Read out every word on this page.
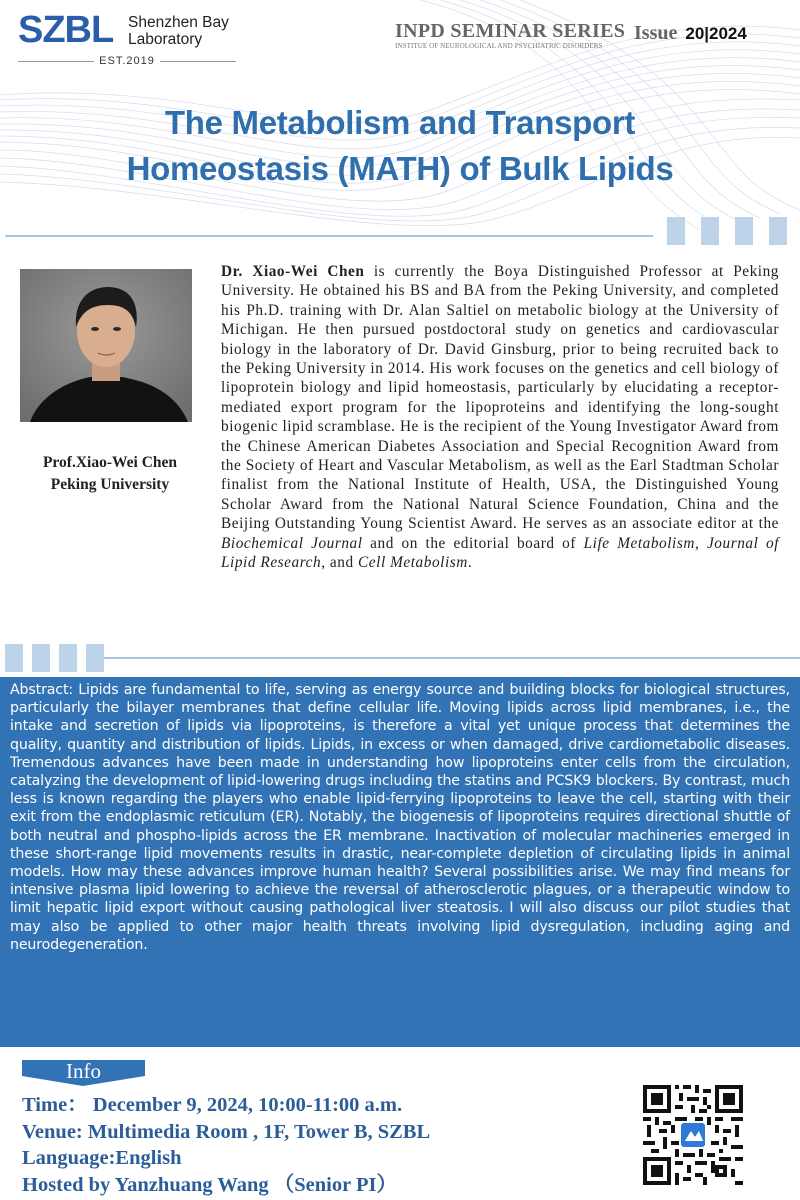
SZBL Shenzhen Bay
Laboratory
EST.2019
INPD SEMINAR SERIES
INSTITUE OF NEUROLOGICAL AND PSYCHIATRIC DISORDERS
Issue 20|2024
The Metabolism and Transport
Homeostasis (MATH) of Bulk Lipids
Prof.Xiao-Wei Chen
Peking University
Dr. Xiao-Wei Chen is currently the Boya Distinguished Professor at Peking University. He obtained his BS and BA from the Peking University, and completed his Ph.D. training with Dr. Alan Saltiel on metabolic biology at the University of Michigan. He then pursued postdoctoral study on genetics and cardiovascular biology in the laboratory of Dr. David Ginsburg, prior to being recruited back to the Peking University in 2014. His work focuses on the genetics and cell biology of lipoprotein biology and lipid homeostasis, particularly by elucidating a receptor-mediated export program for the lipoproteins and identifying the long-sought biogenic lipid scramblase. He is the recipient of the Young Investigator Award from the Chinese American Diabetes Association and Special Recognition Award from the Society of Heart and Vascular Metabolism, as well as the Earl Stadtman Scholar finalist from the National Institute of Health, USA, the Distinguished Young Scholar Award from the National Natural Science Foundation, China and the Beijing Outstanding Young Scientist Award. He serves as an associate editor at the Biochemical Journal and on the editorial board of Life Metabolism, Journal of Lipid Research, and Cell Metabolism.
Abstract: Lipids are fundamental to life, serving as energy source and building blocks for biological structures, particularly the bilayer membranes that define cellular life. Moving lipids across lipid membranes, i.e., the intake and secretion of lipids via lipoproteins, is therefore a vital yet unique process that determines the quality, quantity and distribution of lipids. Lipids, in excess or when damaged, drive cardiometabolic diseases. Tremendous advances have been made in understanding how lipoproteins enter cells from the circulation, catalyzing the development of lipid-lowering drugs including the statins and PCSK9 blockers. By contrast, much less is known regarding the players who enable lipid-ferrying lipoproteins to leave the cell, starting with their exit from the endoplasmic reticulum (ER). Notably, the biogenesis of lipoproteins requires directional shuttle of both neutral and phospho-lipids across the ER membrane. Inactivation of molecular machineries emerged in these short-range lipid movements results in drastic, near-complete depletion of circulating lipids in animal models. How may these advances improve human health? Several possibilities arise. We may find means for intensive plasma lipid lowering to achieve the reversal of atherosclerotic plagues, or a therapeutic window to limit hepatic lipid export without causing pathological liver steatosis. I will also discuss our pilot studies that may also be applied to other major health threats involving lipid dysregulation, including aging and neurodegeneration.
Info
Time： December 9, 2024, 10:00-11:00 a.m.
Venue: Multimedia Room , 1F, Tower B, SZBL
Language:English
Hosted by Yanzhuang Wang （Senior PI）
